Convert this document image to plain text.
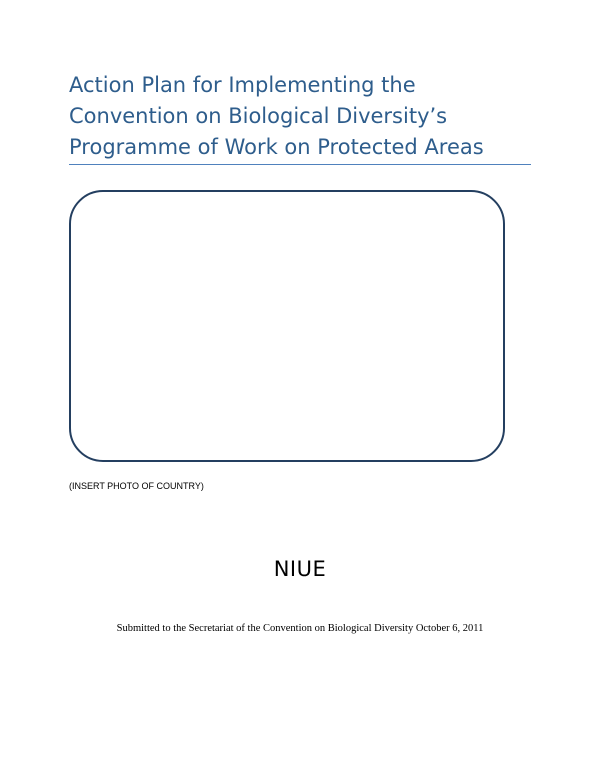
Action Plan for Implementing the
Convention on Biological Diversity’s
Programme of Work on Protected Areas
(INSERT PHOTO OF COUNTRY)
NIUE
Submitted to the Secretariat of the Convention on Biological Diversity October 6, 2011
